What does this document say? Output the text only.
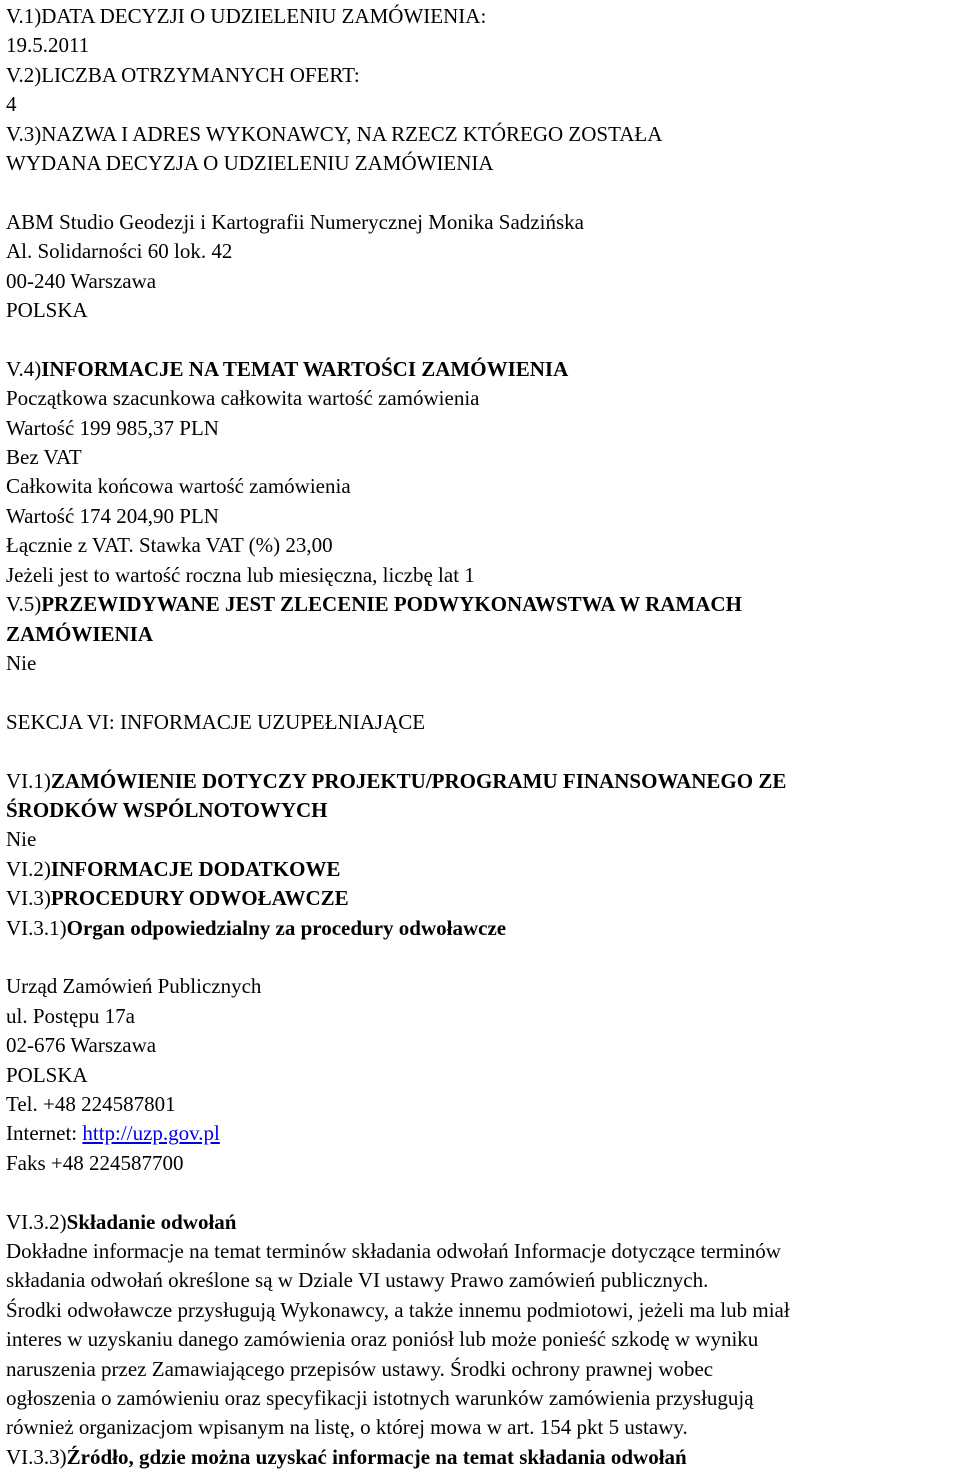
V.1)DATA DECYZJI O UDZIELENIU ZAMÓWIENIA:
19.5.2011
V.2)LICZBA OTRZYMANYCH OFERT:
4
V.3)NAZWA I ADRES WYKONAWCY, NA RZECZ KTÓREGO ZOSTAŁA
WYDANA DECYZJA O UDZIELENIU ZAMÓWIENIA
ABM Studio Geodezji i Kartografii Numerycznej Monika Sadzińska
Al. Solidarności 60 lok. 42
00-240 Warszawa
POLSKA
V.4)INFORMACJE NA TEMAT WARTOŚCI ZAMÓWIENIA
Początkowa szacunkowa całkowita wartość zamówienia
Wartość 199 985,37 PLN
Bez VAT
Całkowita końcowa wartość zamówienia
Wartość 174 204,90 PLN
Łącznie z VAT. Stawka VAT (%) 23,00
Jeżeli jest to wartość roczna lub miesięczna, liczbę lat 1
V.5)PRZEWIDYWANE JEST ZLECENIE PODWYKONAWSTWA W RAMACH
ZAMÓWIENIA
Nie
SEKCJA VI: INFORMACJE UZUPEŁNIAJĄCE
VI.1)ZAMÓWIENIE DOTYCZY PROJEKTU/PROGRAMU FINANSOWANEGO ZE
ŚRODKÓW WSPÓLNOTOWYCH
Nie
VI.2)INFORMACJE DODATKOWE
VI.3)PROCEDURY ODWOŁAWCZE
VI.3.1)Organ odpowiedzialny za procedury odwoławcze
Urząd Zamówień Publicznych
ul. Postępu 17a
02-676 Warszawa
POLSKA
Tel. +48 224587801
Internet: http://uzp.gov.pl
Faks +48 224587700
VI.3.2)Składanie odwołań
Dokładne informacje na temat terminów składania odwołań Informacje dotyczące terminów
składania odwołań określone są w Dziale VI ustawy Prawo zamówień publicznych.
Środki odwoławcze przysługują Wykonawcy, a także innemu podmiotowi, jeżeli ma lub miał
interes w uzyskaniu danego zamówienia oraz poniósł lub może ponieść szkodę w wyniku
naruszenia przez Zamawiającego przepisów ustawy. Środki ochrony prawnej wobec
ogłoszenia o zamówieniu oraz specyfikacji istotnych warunków zamówienia przysługują
również organizacjom wpisanym na listę, o której mowa w art. 154 pkt 5 ustawy.
VI.3.3)Źródło, gdzie można uzyskać informacje na temat składania odwołań
